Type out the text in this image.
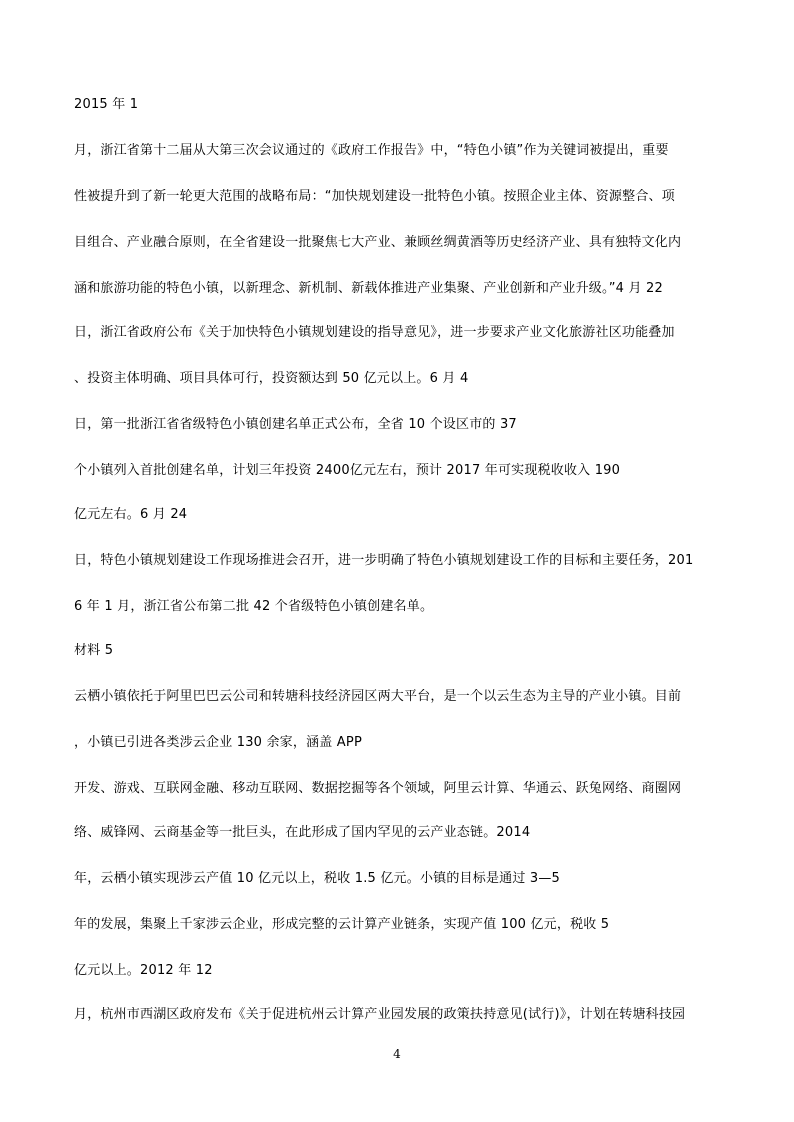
2015 年 1
月，浙江省第十二届从大第三次会议通过的《政府工作报告》中，“特色小镇”作为关键词被提出，重要
性被提升到了新一轮更大范围的战略布局：“加快规划建设一批特色小镇。按照企业主体、资源整合、项
目组合、产业融合原则，在全省建设一批聚焦七大产业、兼顾丝绸黄酒等历史经济产业、具有独特文化内
涵和旅游功能的特色小镇，以新理念、新机制、新载体推进产业集聚、产业创新和产业升级。”4 月 22
日，浙江省政府公布《关于加快特色小镇规划建设的指导意见》，进一步要求产业文化旅游社区功能叠加
、投资主体明确、项目具体可行，投资额达到 50 亿元以上。6 月 4
日，第一批浙江省省级特色小镇创建名单正式公布，全省 10 个设区市的 37
个小镇列入首批创建名单，计划三年投资 2400亿元左右，预计 2017 年可实现税收收入 190
亿元左右。6 月 24
日，特色小镇规划建设工作现场推进会召开，进一步明确了特色小镇规划建设工作的目标和主要任务，201
6 年 1 月，浙江省公布第二批 42 个省级特色小镇创建名单。
材料 5
云栖小镇依托于阿里巴巴云公司和转塘科技经济园区两大平台，是一个以云生态为主导的产业小镇。目前
，小镇已引进各类涉云企业 130 余家，涵盖 APP
开发、游戏、互联网金融、移动互联网、数据挖掘等各个领域，阿里云计算、华通云、跃兔网络、商圈网
络、威锋网、云商基金等一批巨头，在此形成了国内罕见的云产业态链。2014
年，云栖小镇实现涉云产值 10 亿元以上，税收 1.5 亿元。小镇的目标是通过 3—5
年的发展，集聚上千家涉云企业，形成完整的云计算产业链条，实现产值 100 亿元，税收 5
亿元以上。2012 年 12
月，杭州市西湖区政府发布《关于促进杭州云计算产业园发展的政策扶持意见(试行)》，计划在转塘科技园
4
